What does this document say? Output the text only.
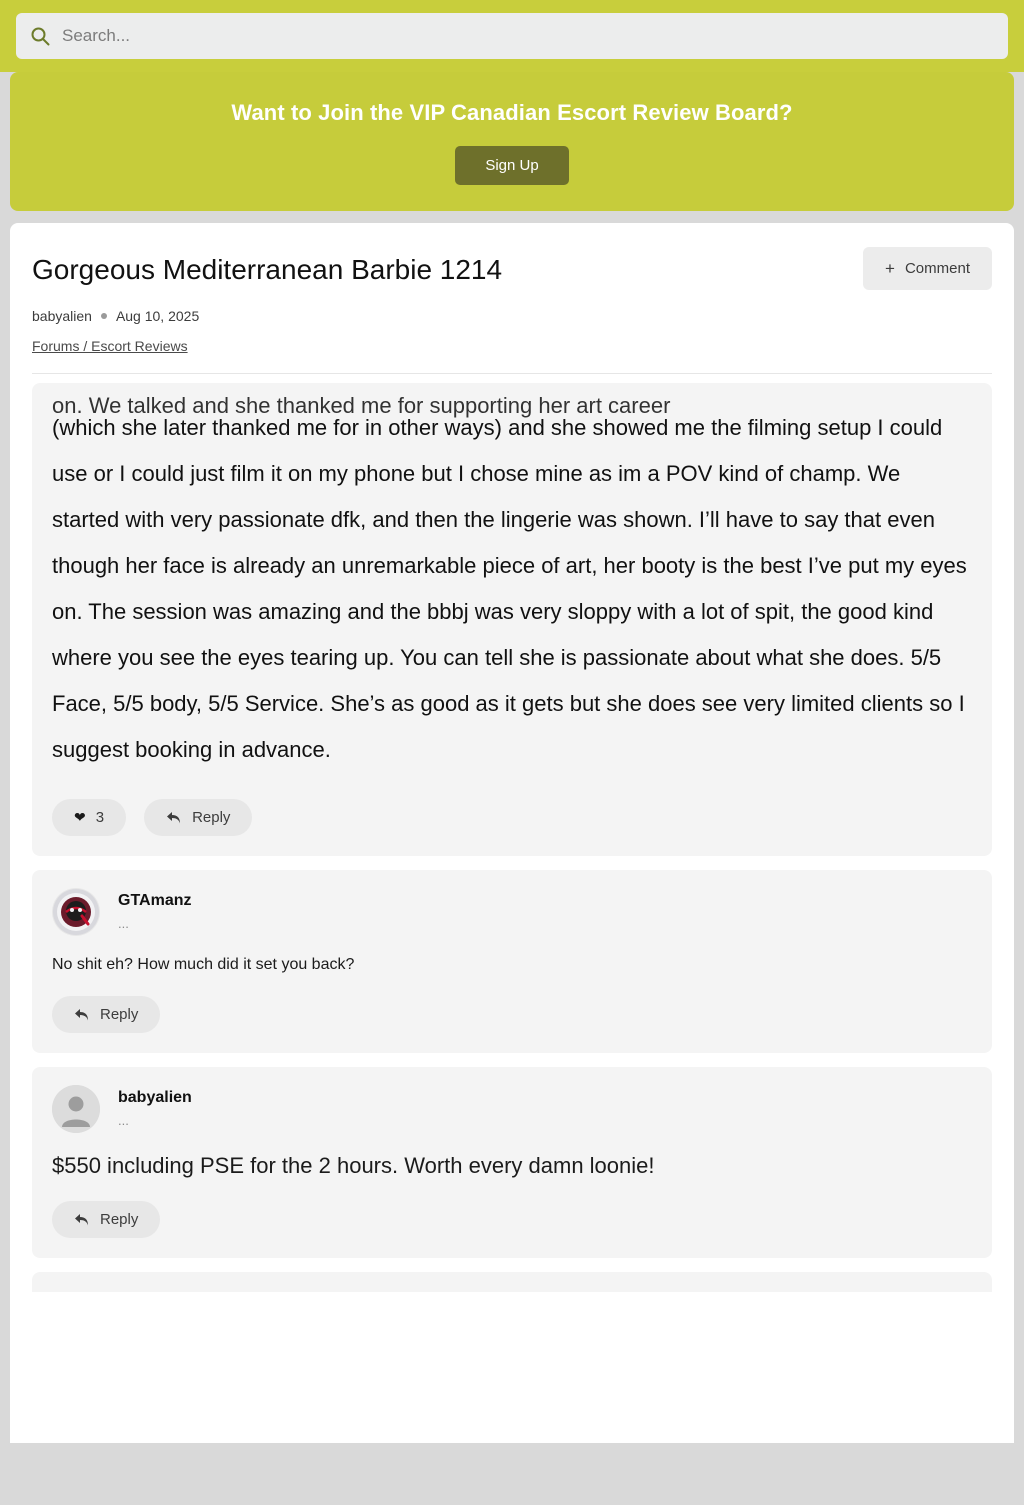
Search...
Want to Join the VIP Canadian Escort Review Board?
Sign Up
Gorgeous Mediterranean Barbie 1214	+ Comment
babyalien Aug 10, 2025
Forums / Escort Reviews
on. We talked and she thanked me for supporting her art career

(which she later thanked me for in other ways) and she showed me the filming setup I could use or I could just film it on my phone but I chose mine as im a POV kind of champ. We started with very passionate dfk, and then the lingerie was shown. I’ll have to say that even though her face is already an unremarkable piece of art, her booty is the best I’ve put my eyes on. The session was amazing and the bbbj was very sloppy with a lot of spit, the good kind where you see the eyes tearing up. You can tell she is passionate about what she does. 5/5 Face, 5/5 body, 5/5 Service. She’s as good as it gets but she does see very limited clients so I suggest booking in advance.

❤ 3	Reply
GTAmanz
...
No shit eh? How much did it set you back?
Reply
babyalien
...
$550 including PSE for the 2 hours. Worth every damn loonie!
Reply
